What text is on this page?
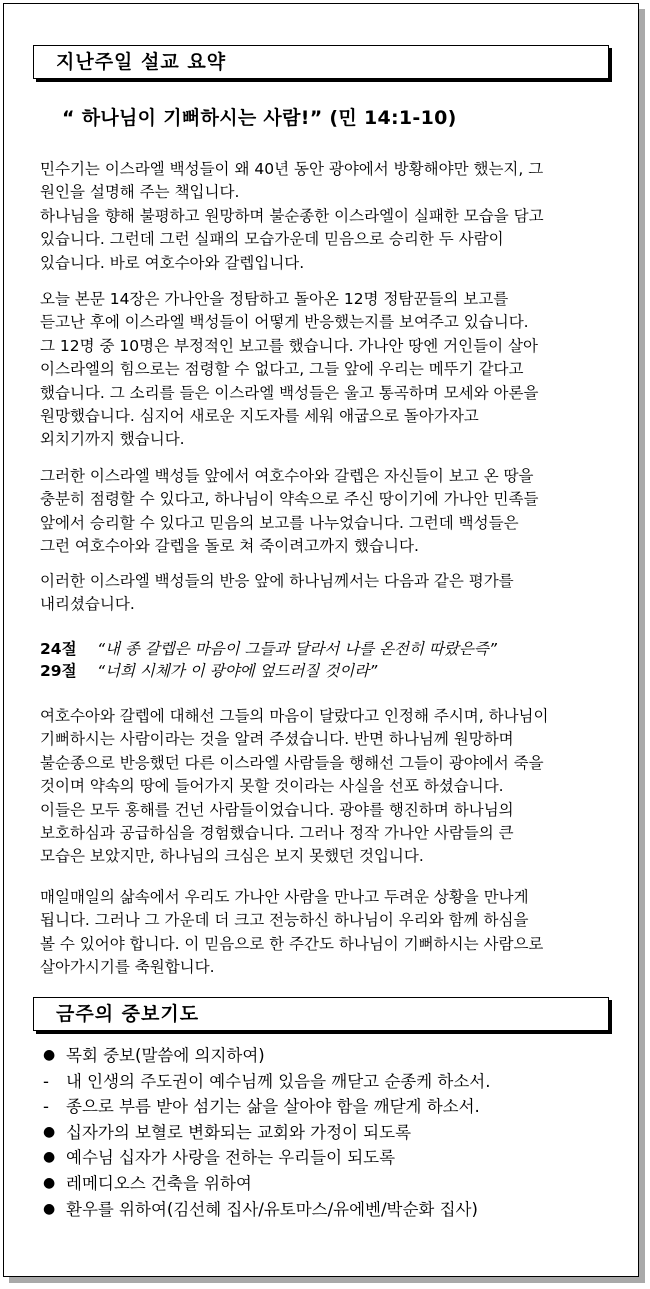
지난주일 설교 요약
“ 하나님이 기뻐하시는 사람!” (민 14:1-10)
민수기는 이스라엘 백성들이 왜 40년 동안 광야에서 방황해야만 했는지, 그
원인을 설명해 주는 책입니다.
하나님을 향해 불평하고 원망하며 불순종한 이스라엘이 실패한 모습을 담고
있습니다. 그런데 그런 실패의 모습가운데 믿음으로 승리한 두 사람이
있습니다. 바로 여호수아와 갈렙입니다.
오늘 본문 14장은 가나안을 정탐하고 돌아온 12명 정탐꾼들의 보고를
듣고난 후에 이스라엘 백성들이 어떻게 반응했는지를 보여주고 있습니다.
그 12명 중 10명은 부정적인 보고를 했습니다. 가나안 땅엔 거인들이 살아
이스라엘의 힘으로는 점령할 수 없다고, 그들 앞에 우리는 메뚜기 같다고
했습니다. 그 소리를 들은 이스라엘 백성들은 울고 통곡하며 모세와 아론을
원망했습니다. 심지어 새로운 지도자를 세워 애굽으로 돌아가자고
외치기까지 했습니다.
그러한 이스라엘 백성들 앞에서 여호수아와 갈렙은 자신들이 보고 온 땅을
충분히 점령할 수 있다고, 하나님이 약속으로 주신 땅이기에 가나안 민족들
앞에서 승리할 수 있다고 믿음의 보고를 나누었습니다. 그런데 백성들은
그런 여호수아와 갈렙을 돌로 쳐 죽이려고까지 했습니다.
이러한 이스라엘 백성들의 반응 앞에 하나님께서는 다음과 같은 평가를
내리셨습니다.
24절	“내 종 갈렙은 마음이 그들과 달라서 나를 온전히 따랐은즉”
29절	“너희 시체가 이 광야에 엎드러질 것이라”
여호수아와 갈렙에 대해선 그들의 마음이 달랐다고 인정해 주시며, 하나님이
기뻐하시는 사람이라는 것을 알려 주셨습니다. 반면 하나님께 원망하며
불순종으로 반응했던 다른 이스라엘 사람들을 행해선 그들이 광야에서 죽을
것이며 약속의 땅에 들어가지 못할 것이라는 사실을 선포 하셨습니다.
이들은 모두 홍해를 건넌 사람들이었습니다. 광야를 행진하며 하나님의
보호하심과 공급하심을 경험했습니다. 그러나 정작 가나안 사람들의 큰
모습은 보았지만, 하나님의 크심은 보지 못했던 것입니다.
매일매일의 삶속에서 우리도 가나안 사람을 만나고 두려운 상황을 만나게
됩니다. 그러나 그 가운데 더 크고 전능하신 하나님이 우리와 함께 하심을
볼 수 있어야 합니다. 이 믿음으로 한 주간도 하나님이 기뻐하시는 사람으로
살아가시기를 축원합니다.
금주의 중보기도
● 목회 중보(말씀에 의지하여)
-	내 인생의 주도권이 예수님께 있음을 깨닫고 순종케 하소서.
-	종으로 부름 받아 섬기는 삶을 살아야 함을 깨닫게 하소서.
● 십자가의 보혈로 변화되는 교회와 가정이 되도록
● 예수님 십자가 사랑을 전하는 우리들이 되도록
● 레메디오스 건축을 위하여
● 환우를 위하여(김선혜 집사/유토마스/유에벤/박순화 집사)
